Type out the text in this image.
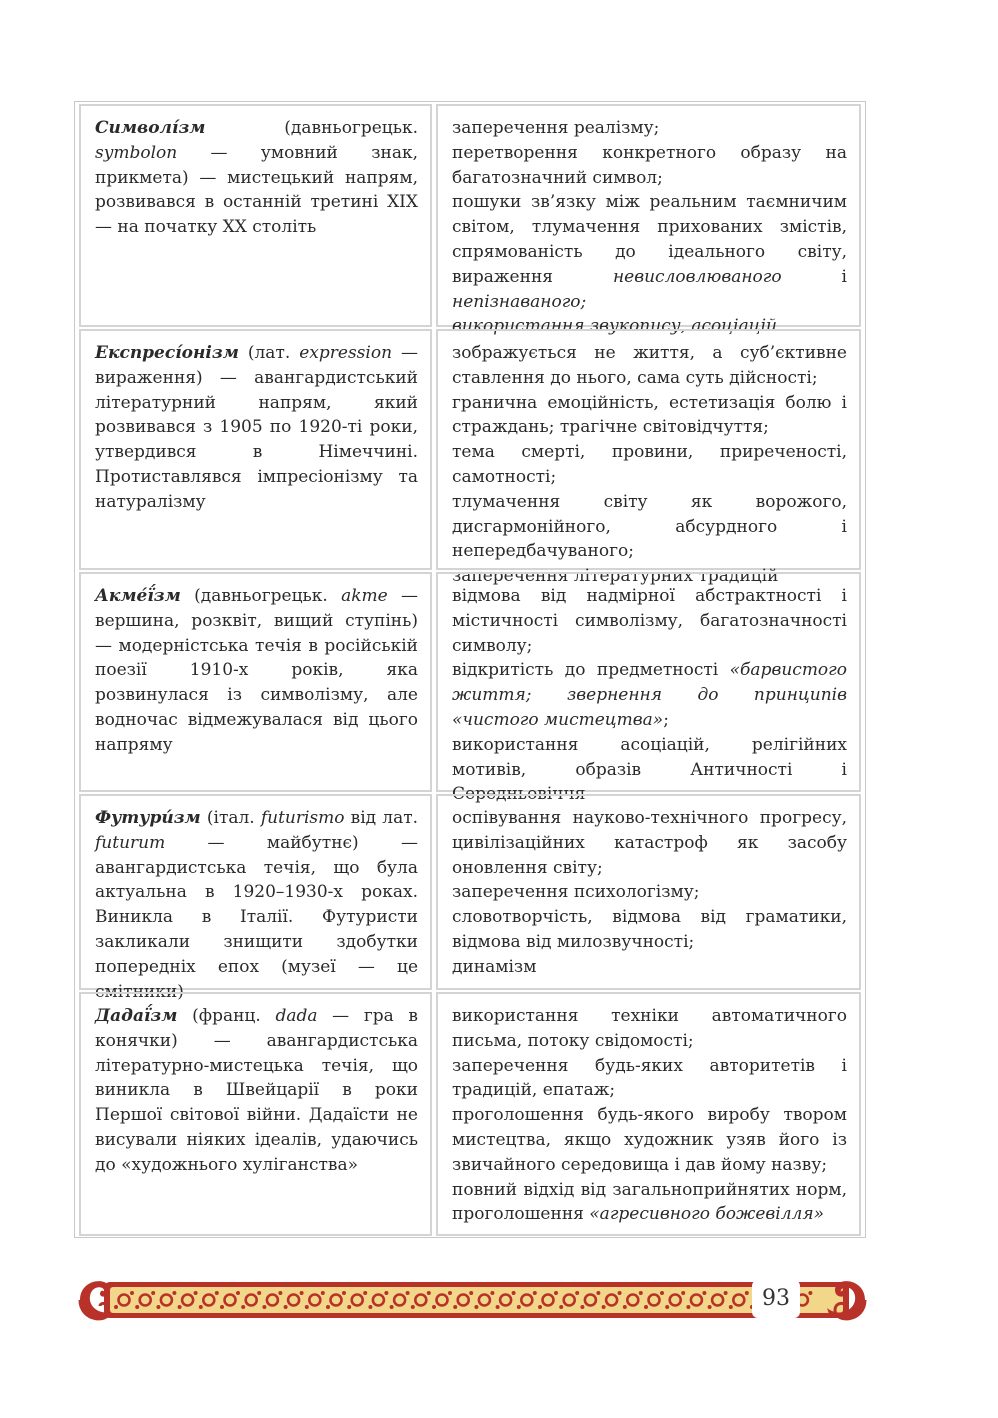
Символі́зм	(давньогрецьк. symbolon — умовний знак, прикмета) — мистецький напрям, розвивався в останній третині XIX — на початку XX століть

заперечення реалізму;

перетворення конкретного образу на багатозначний символ;

пошуки зв’язку між реальним таємничим світом, тлумачення прихованих змістів, спрямованість до ідеального світу, вираження невисловлюваного і непізнаваного;

використання звукопису, асоціацій

Експресі́онізм (лат. expression — вираження) — авангардистський літературний напрям, який розвивався з 1905 по 1920-ті роки, утвердився в Німеччині. Протиставлявся імпресіонізму та натуралізму

зображується не життя, а суб’єктивне ставлення до нього, сама суть дійсності;

гранична емоційність, естетизація болю і страждань; трагічне світовідчуття;

тема смерті, провини, приреченості, самотності;

тлумачення світу як ворожого, дисгармонійного, абсурдного і непередбачуваного;

заперечення літературних традицій

Акме́ї́зм (давньогрецьк. akme — вершина, розквіт, вищий ступінь) — модерністська течія в російській поезії 1910-х років, яка розвинулася із символізму, але водночас відмежувалася від цього напряму

відмова від надмірної абстрактності і містичності символізму, багатозначності символу;

відкритість до предметності «барвистого життя; звернення до принципів «чистого мистецтва»;

використання асоціацій, релігійних мотивів, образів Античності і Середньовіччя

Футури́зм (італ. futurismo від лат. futurum — майбутнє) — авангардистська течія, що була актуальна в 1920–1930-х роках. Виникла в Італії. Футуристи закликали знищити здобутки попередніх епох (музеї — це смітники)

оспівування науково-технічного прогресу, цивілізаційних катастроф як засобу оновлення світу;

заперечення психологізму;

словотворчість, відмова від граматики, відмова від милозвучності;

динамізм

Дадаї́зм (франц. dada — гра в конячки) — авангардистська літературно-мистецька течія, що виникла в Швейцарії в роки Першої світової війни. Дадаїсти не висували ніяких ідеалів, удаючись до «художнього хуліганства»

використання техніки автоматичного письма, потоку свідомості;

заперечення будь-яких авторитетів і традицій, епатаж;

проголошення будь-якого виробу твором мистецтва, якщо художник узяв його із звичайного середовища і дав йому назву;

повний відхід від загальноприйнятих норм, проголошення «агресивного божевілля»

93
